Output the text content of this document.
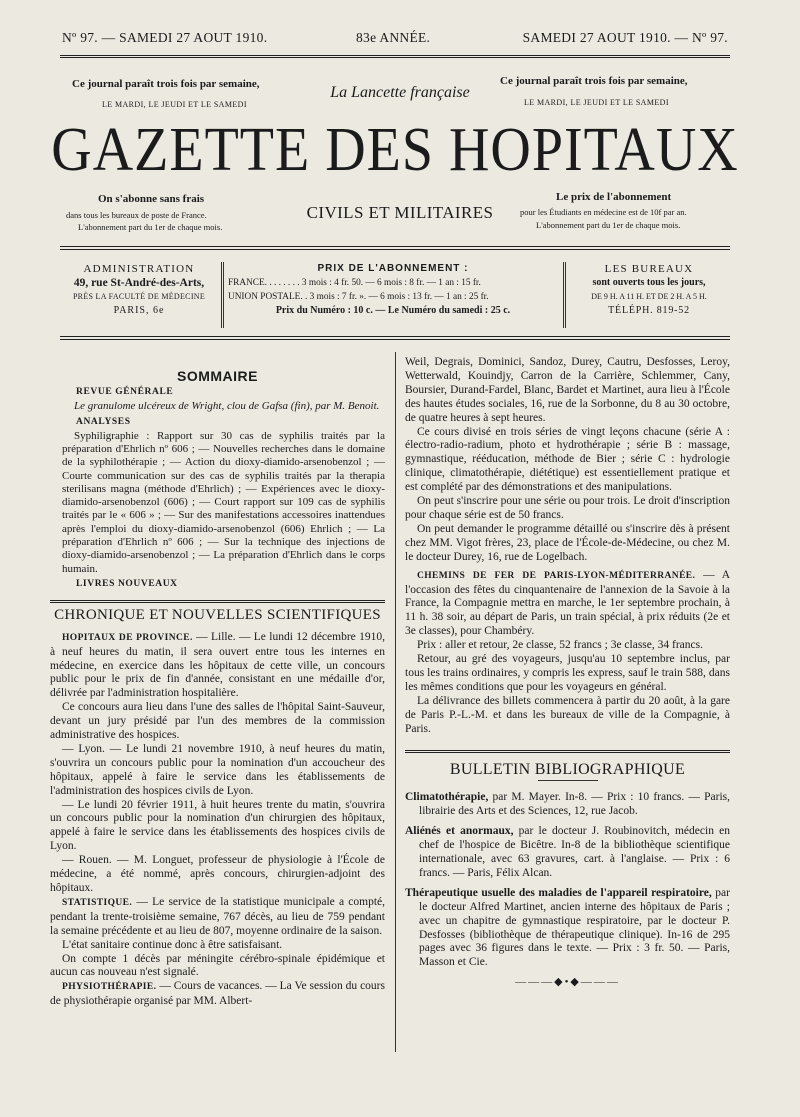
Nº 97. — SAMEDI 27 AOUT 1910.	83e ANNÉE.	SAMEDI 27 AOUT 1910. — Nº 97.
Ce journal paraît trois fois par semaine,
LE MARDI, LE JEUDI ET LE SAMEDI
La Lancette française
Ce journal paraît trois fois par semaine,
LE MARDI, LE JEUDI ET LE SAMEDI
GAZETTE DES HOPITAUX
On s'abonne sans frais
dans tous les bureaux de poste de France.
L'abonnement part du 1er de chaque mois.
CIVILS ET MILITAIRES
Le prix de l'abonnement
pour les Étudiants en médecine est de 10f par an.
L'abonnement part du 1er de chaque mois.
ADMINISTRATION
49, rue St-André-des-Arts,
PRÈS LA FACULTÉ DE MÉDECINE
PARIS, 6e
PRIX DE L'ABONNEMENT :
FRANCE. . . . . . . . 3 mois : 4 fr. 50. — 6 mois : 8 fr. — 1 an : 15 fr.
UNION POSTALE. . 3 mois : 7 fr. ». — 6 mois : 13 fr. — 1 an : 25 fr.
Prix du Numéro : 10 c. — Le Numéro du samedi : 25 c.
LES BUREAUX
sont ouverts tous les jours,
DE 9 H. A 11 H. ET DE 2 H. A 5 H.
TÉLÉPH. 819-52
SOMMAIRE
REVUE GÉNÉRALE

Le granulome ulcéreux de Wright, clou de Gafsa (fin), par M. Benoit.

ANALYSES

Syphiligraphie : Rapport sur 30 cas de syphilis traités par la préparation d'Ehrlich nº 606 ; — Nouvelles recherches dans le domaine de la syphilothérapie ; — Action du dioxy-diamido-arsenobenzol ; — Courte communication sur des cas de syphilis traités par la therapia sterilisans magna (méthode d'Ehrlich) ; — Expériences avec le dioxy-diamido-arsenobenzol (606) ; — Court rapport sur 109 cas de syphilis traités par le « 606 » ; — Sur des manifestations accessoires inattendues après l'emploi du dioxy-diamido-arsenobenzol (606) Ehrlich ; — La préparation d'Ehrlich nº 606 ; — Sur la technique des injections de dioxy-diamido-arsenobenzol ; — La préparation d'Ehrlich dans le corps humain.

LIVRES NOUVEAUX
CHRONIQUE ET NOUVELLES SCIENTIFIQUES

HOPITAUX DE PROVINCE. — Lille. — Le lundi 12 décembre 1910, à neuf heures du matin, il sera ouvert entre tous les internes en médecine, en exercice dans les hôpitaux de cette ville, un concours public pour le prix de fin d'année, consistant en une médaille d'or, délivrée par l'administration hospitalière.

Ce concours aura lieu dans l'une des salles de l'hôpital Saint-Sauveur, devant un jury présidé par l'un des membres de la commission administrative des hospices.

— Lyon. — Le lundi 21 novembre 1910, à neuf heures du matin, s'ouvrira un concours public pour la nomination d'un accoucheur des hôpitaux, appelé à faire le service dans les établissements de l'administration des hospices civils de Lyon.

— Le lundi 20 février 1911, à huit heures trente du matin, s'ouvrira un concours public pour la nomination d'un chirurgien des hôpitaux, appelé à faire le service dans les établissements des hospices civils de Lyon.

— Rouen. — M. Longuet, professeur de physiologie à l'École de médecine, a été nommé, après concours, chirurgien-adjoint des hôpitaux.

STATISTIQUE. — Le service de la statistique municipale a compté, pendant la trente-troisième semaine, 767 décès, au lieu de 759 pendant la semaine précédente et au lieu de 807, moyenne ordinaire de la saison.

L'état sanitaire continue donc à être satisfaisant.

On compte 1 décès par méningite cérébro-spinale épidémique et aucun cas nouveau n'est signalé.

PHYSIOTHÉRAPIE. — Cours de vacances. — La Ve session du cours de physiothérapie organisé par MM. Albert-

Weil, Degrais, Dominici, Sandoz, Durey, Cautru, Desfosses, Leroy, Wetterwald, Kouindjy, Carron de la Carrière, Schlemmer, Cany, Boursier, Durand-Fardel, Blanc, Bardet et Martinet, aura lieu à l'École des hautes études sociales, 16, rue de la Sorbonne, du 8 au 30 octobre, de quatre heures à sept heures.

Ce cours divisé en trois séries de vingt leçons chacune (série A : électro-radio-radium, photo et hydrothérapie ; série B : massage, gymnastique, rééducation, méthode de Bier ; série C : hydrologie clinique, climatothérapie, diététique) est essentiellement pratique et est complété par des démonstrations et des manipulations.

On peut s'inscrire pour une série ou pour trois. Le droit d'inscription pour chaque série est de 50 francs.

On peut demander le programme détaillé ou s'inscrire dès à présent chez MM. Vigot frères, 23, place de l'École-de-Médecine, ou chez M. le docteur Durey, 16, rue de Logelbach.

CHEMINS DE FER DE PARIS-LYON-MÉDITERRANÉE. — A l'occasion des fêtes du cinquantenaire de l'annexion de la Savoie à la France, la Compagnie mettra en marche, le 1er septembre prochain, à 11 h. 38 soir, au départ de Paris, un train spécial, à prix réduits (2e et 3e classes), pour Chambéry.

Prix : aller et retour, 2e classe, 52 francs ; 3e classe, 34 francs.

Retour, au gré des voyageurs, jusqu'au 10 septembre inclus, par tous les trains ordinaires, y compris les express, sauf le train 588, dans les mêmes conditions que pour les voyageurs en général.

La délivrance des billets commencera à partir du 20 août, à la gare de Paris P.-L.-M. et dans les bureaux de ville de la Compagnie, à Paris.

BULLETIN BIBLIOGRAPHIQUE

Climatothérapie, par M. Mayer. In-8. — Prix : 10 francs. — Paris, librairie des Arts et des Sciences, 12, rue Jacob.

Aliénés et anormaux, par le docteur J. Roubinovitch, médecin en chef de l'hospice de Bicêtre. In-8 de la bibliothèque scientifique internationale, avec 63 gravures, cart. à l'anglaise. — Prix : 6 francs. — Paris, Félix Alcan.

Thérapeutique usuelle des maladies de l'appareil respiratoire, par le docteur Alfred Martinet, ancien interne des hôpitaux de Paris ; avec un chapitre de gymnastique respiratoire, par le docteur P. Desfosses (bibliothèque de thérapeutique clinique). In-16 de 295 pages avec 36 figures dans le texte. — Prix : 3 fr. 50. — Paris, Masson et Cie.

———◆•◆———
